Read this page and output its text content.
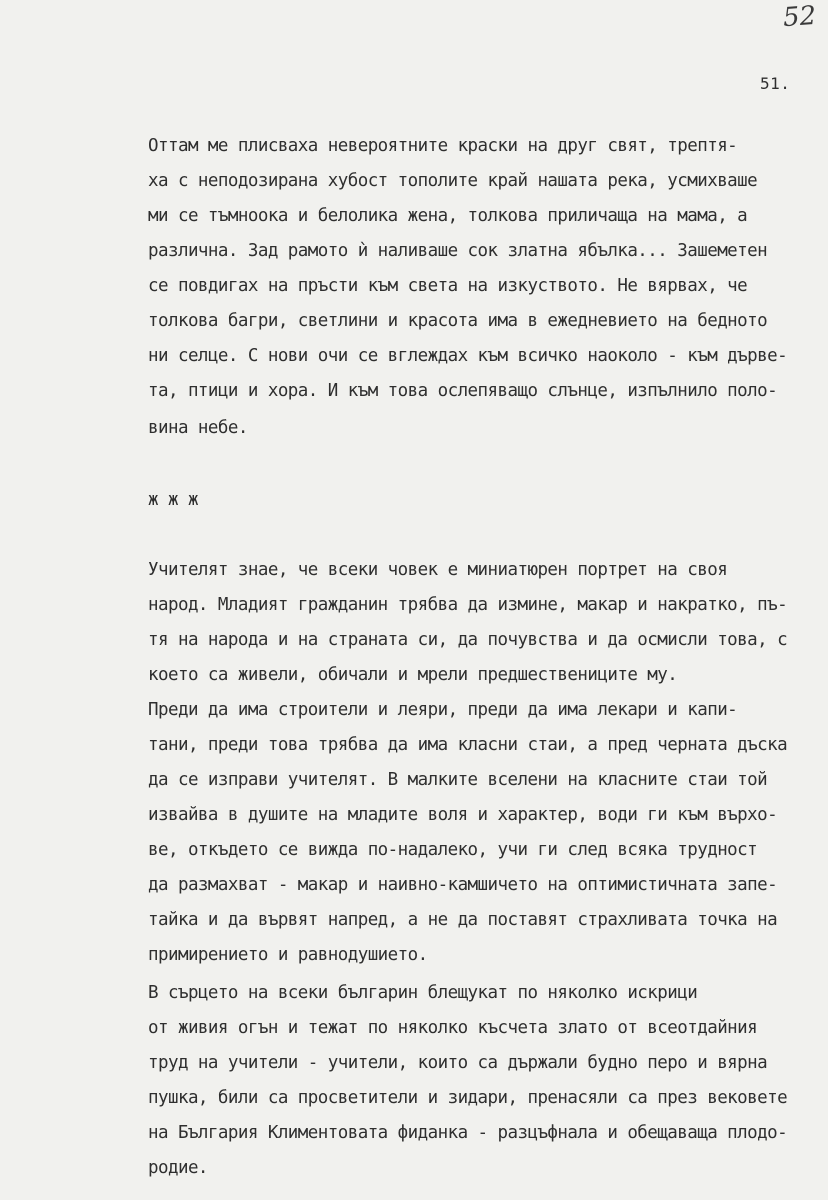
52
51.
Оттам ме плисваха невероятните краски на друг свят, трептя-
ха с неподозирана хубост тополите край нашата река, усмихваше
ми се тъмноока и белолика жена, толкова приличаща на мама, а
различна. Зад рамото ѝ наливаше сок златна ябълка... Зашеметен
се повдигах на пръсти към света на изкуството. Не вярвах, че
толкова багри, светлини и красота има в ежедневието на бедното
ни селце. С нови очи се вглеждах към всичко наоколо - към дърве-
та, птици и хора. И към това ослепяващо слънце, изпълнило поло-
вина небе.
ж ж ж
Учителят знае, че всеки човек е миниатюрен портрет на своя
народ. Младият гражданин трябва да измине, макар и накратко, пъ-
тя на народа и на страната си, да почувства и да осмисли това, с
което са живели, обичали и мрели предшествениците му.
Преди да има строители и леяри, преди да има лекари и капи-
тани, преди това трябва да има класни стаи, а пред черната дъска
да се изправи учителят. В малките вселени на класните стаи той
извайва в душите на младите воля и характер, води ги към върхо-
ве, откъдето се вижда по-надалеко, учи ги след всяка трудност
да размахват - макар и наивно-камшичето на оптимистичната запе-
тайка и да вървят напред, а не да поставят страхливата точка на
примирението и равнодушието.
В сърцето на всеки българин блещукат по няколко искрици
от живия огън и тежат по няколко късчета злато от всеотдайния
труд на учители - учители, които са държали будно перо и вярна
пушка, били са просветители и зидари, пренасяли са през вековете
на България Климентовата фиданка - разцъфнала и обещаваща плодо-
родие.
